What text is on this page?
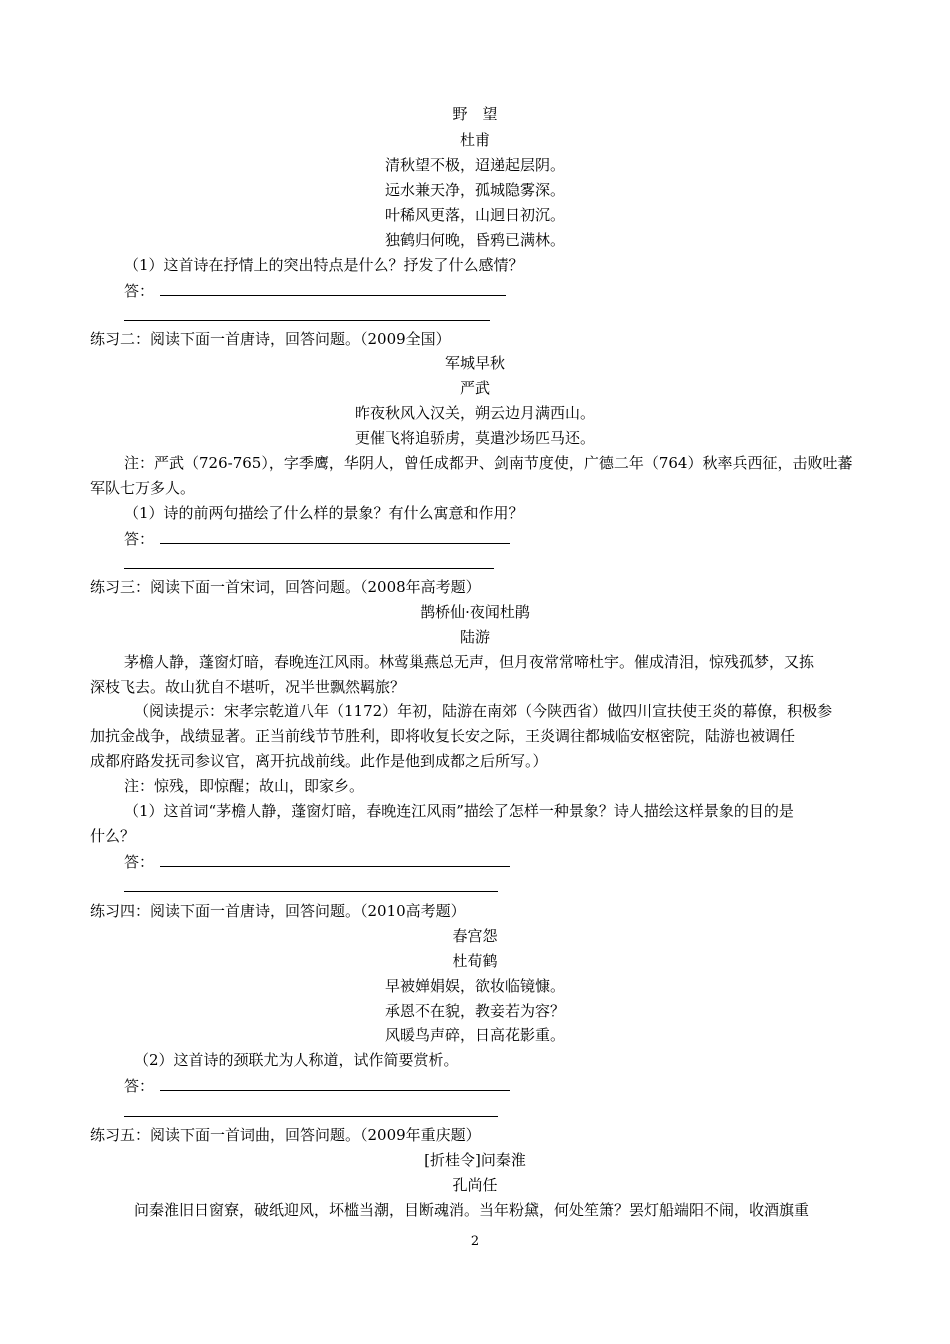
野　望
杜甫
清秋望不极，迢递起层阴。
远水兼天净，孤城隐雾深。
叶稀风更落，山迥日初沉。
独鹤归何晚，昏鸦已满林。
（1）这首诗在抒情上的突出特点是什么？抒发了什么感情？
答：
练习二：阅读下面一首唐诗，回答问题。（2009全国）
军城早秋
严武
昨夜秋风入汉关，朔云边月满西山。
更催飞将追骄虏，莫遣沙场匹马还。
注：严武（726-765），字季鹰，华阴人，曾任成都尹、剑南节度使，广德二年（764）秋率兵西征，击败吐蕃
军队七万多人。
（1）诗的前两句描绘了什么样的景象？有什么寓意和作用？
答：
练习三：阅读下面一首宋词，回答问题。（2008年高考题）
鹊桥仙·夜闻杜鹃
陆游
茅檐人静，蓬窗灯暗，春晚连江风雨。林莺巢燕总无声，但月夜常常啼杜宇。催成清泪，惊残孤梦，又拣
深枝飞去。故山犹自不堪听，况半世飘然羁旅？
（阅读提示：宋孝宗乾道八年（1172）年初，陆游在南郊（今陕西省）做四川宣扶使王炎的幕僚，积极参
加抗金战争，战绩显著。正当前线节节胜利，即将收复长安之际，王炎调往都城临安枢密院，陆游也被调任
成都府路发抚司参议官，离开抗战前线。此作是他到成都之后所写。）
注：惊残，即惊醒；故山，即家乡。
（1）这首词“茅檐人静，蓬窗灯暗，春晚连江风雨”描绘了怎样一种景象？诗人描绘这样景象的目的是
什么？
答：
练习四：阅读下面一首唐诗，回答问题。（2010高考题）
春宫怨
杜荀鹤
早被婵娟娱，欲妆临镜慷。
承恩不在貌，教妾若为容？
风暖鸟声碎，日高花影重。
（2）这首诗的颈联尤为人称道，试作简要赏析。
答：
练习五：阅读下面一首词曲，回答问题。（2009年重庆题）
[折桂令]问秦淮
孔尚任
问秦淮旧日窗寮，破纸迎风，坏槛当潮，目断魂消。当年粉黛，何处笙箫？罢灯船端阳不闹，收酒旗重
2
